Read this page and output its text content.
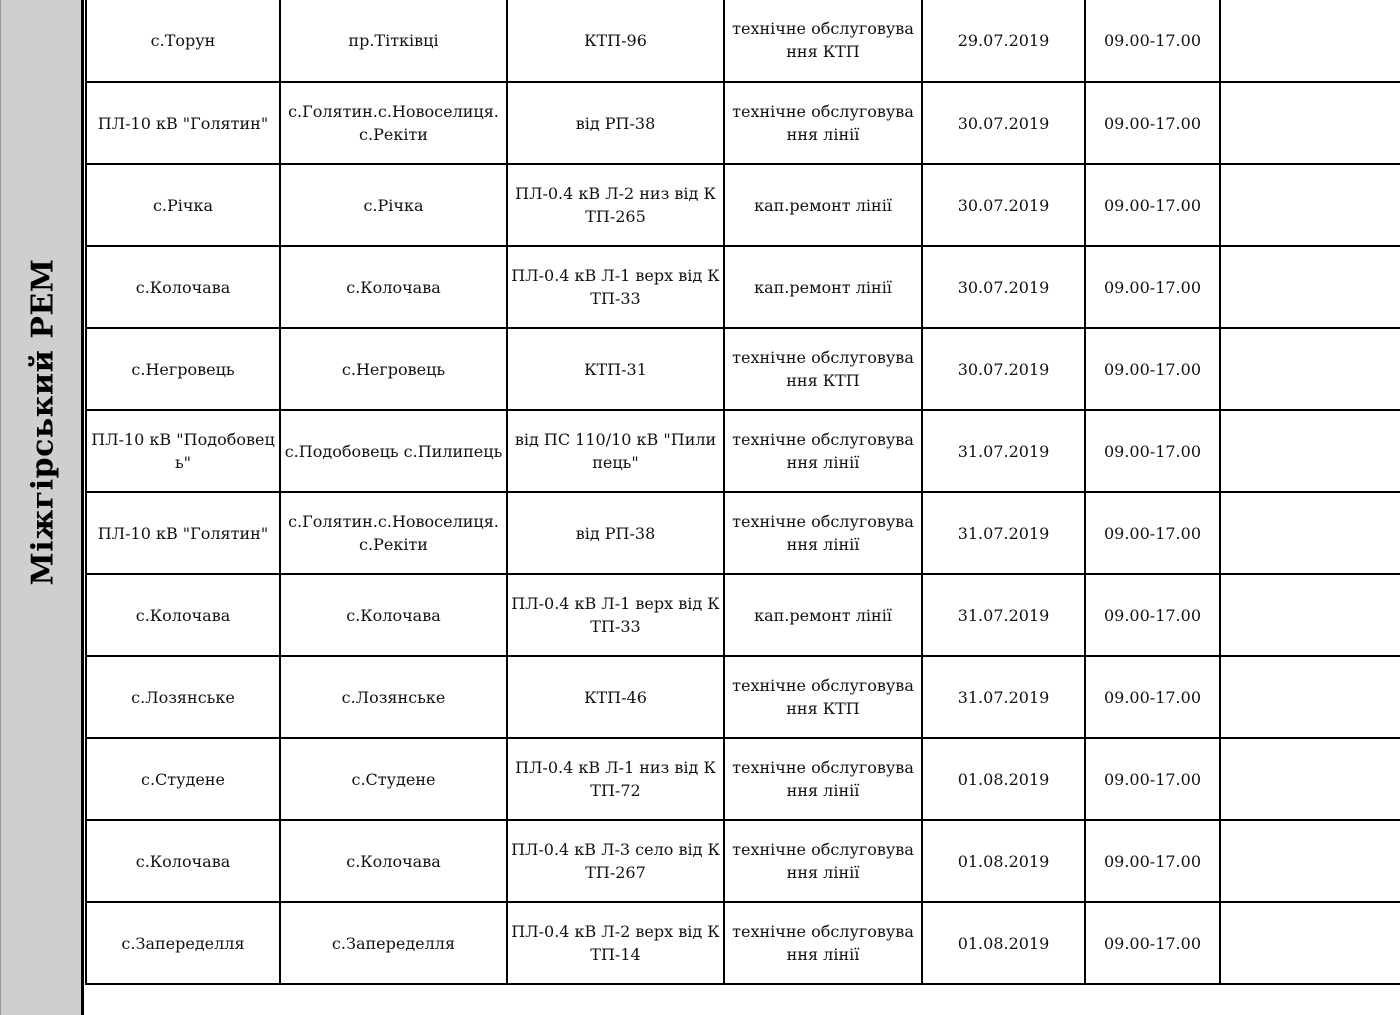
Міжгірський РЕМ
с.Торун	пр.Тітківці	КТП-96	технічне обслуговування КТП	29.07.2019	09.00-17.00	
ПЛ-10 кВ "Голятин"	с.Голятин.с.Новоселиця.с.Рекіти	від РП-38	технічне обслуговування лінії	30.07.2019	09.00-17.00	
с.Річка	с.Річка	ПЛ-0.4 кВ Л-2 низ від КТП-265	кап.ремонт лінії	30.07.2019	09.00-17.00	
с.Колочава	с.Колочава	ПЛ-0.4 кВ Л-1 верх від КТП-33	кап.ремонт лінії	30.07.2019	09.00-17.00	
с.Негровець	с.Негровець	КТП-31	технічне обслуговування КТП	30.07.2019	09.00-17.00	
ПЛ-10 кВ "Подобовець"	с.Подобовець с.Пилипець	від ПС 110/10 кВ "Пилипець"	технічне обслуговування лінії	31.07.2019	09.00-17.00	
ПЛ-10 кВ "Голятин"	с.Голятин.с.Новоселиця.с.Рекіти	від РП-38	технічне обслуговування лінії	31.07.2019	09.00-17.00	
с.Колочава	с.Колочава	ПЛ-0.4 кВ Л-1 верх від КТП-33	кап.ремонт лінії	31.07.2019	09.00-17.00	
с.Лозянське	с.Лозянське	КТП-46	технічне обслуговування КТП	31.07.2019	09.00-17.00	
с.Студене	с.Студене	ПЛ-0.4 кВ Л-1 низ від КТП-72	технічне обслуговування лінії	01.08.2019	09.00-17.00	
с.Колочава	с.Колочава	ПЛ-0.4 кВ Л-3 село від КТП-267	технічне обслуговування лінії	01.08.2019	09.00-17.00	
с.Запеределля	с.Запеределля	ПЛ-0.4 кВ Л-2 верх від КТП-14	технічне обслуговування лінії	01.08.2019	09.00-17.00	
